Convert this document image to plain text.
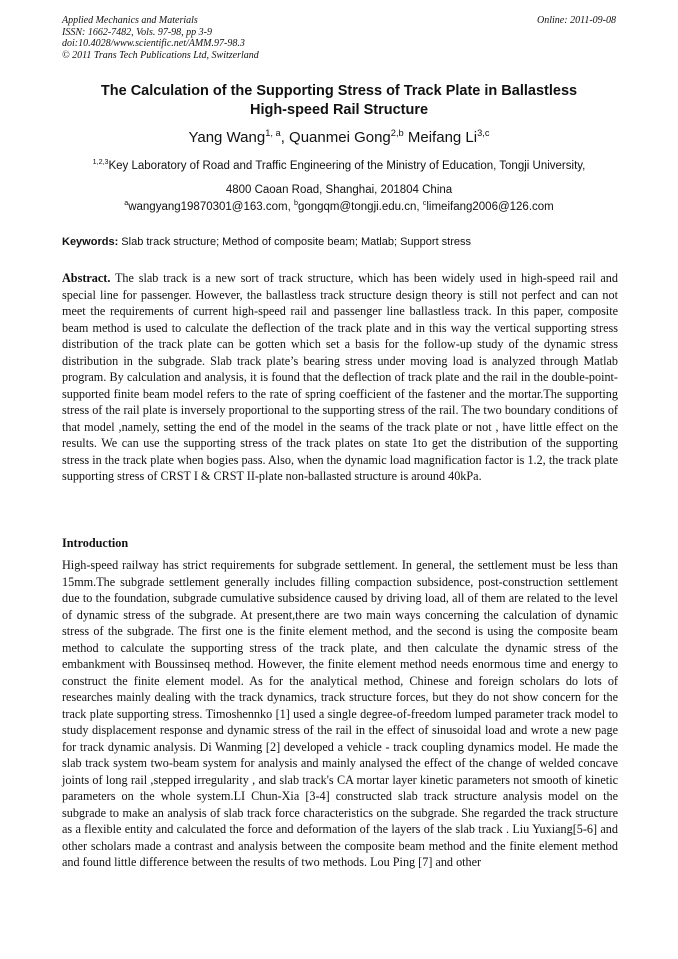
Applied Mechanics and Materials
ISSN: 1662-7482, Vols. 97-98, pp 3-9
doi:10.4028/www.scientific.net/AMM.97-98.3
© 2011 Trans Tech Publications Ltd, Switzerland
Online: 2011-09-08
The Calculation of the Supporting Stress of Track Plate in Ballastless
High-speed Rail Structure
Yang Wang$^{1, a}$, Quanmei Gong$^{2,b}$ Meifang Li$^{3,c}$
$^{1,2,3}$Key Laboratory of Road and Traffic Engineering of the Ministry of Education, Tongji University,
4800 Caoan Road, Shanghai, 201804 China
$^a$wangyang19870301@163.com, $^b$gongqm@tongji.edu.cn, $^c$limeifang2006@126.com
Keywords: Slab track structure; Method of composite beam; Matlab; Support stress
Abstract. The slab track is a new sort of track structure, which has been widely used in high-speed rail and special line for passenger. However, the ballastless track structure design theory is still not perfect and can not meet the requirements of current high-speed rail and passenger line ballastless track. In this paper, composite beam method is used to calculate the deflection of the track plate and in this way the vertical supporting stress distribution of the track plate can be gotten which set a basis for the follow-up study of the dynamic stress distribution in the subgrade. Slab track plate’s bearing stress under moving load is analyzed through Matlab program. By calculation and analysis, it is found that the deflection of track plate and the rail in the double-point-supported finite beam model refers to the rate of spring coefficient of the fastener and the mortar.The supporting stress of the rail plate is inversely proportional to the supporting stress of the rail. The two boundary conditions of that model ,namely, setting the end of the model in the seams of the track plate or not , have little effect on the results. We can use the supporting stress of the track plates on state 1to get the distribution of the supporting stress in the track plate when bogies pass. Also, when the dynamic load magnification factor is 1.2, the track plate supporting stress of CRST I & CRST II-plate non-ballasted structure is around 40kPa.
Introduction
High-speed railway has strict requirements for subgrade settlement. In general, the settlement must be less than 15mm.The subgrade settlement generally includes filling compaction subsidence, post-construction settlement due to the foundation, subgrade cumulative subsidence caused by driving load, all of them are related to the level of dynamic stress of the subgrade. At present,there are two main ways concerning the calculation of dynamic stress of the subgrade. The first one is the finite element method, and the second is using the composite beam method to calculate the supporting stress of the track plate, and then calculate the dynamic stress of the embankment with Boussinseq method. However, the finite element method needs enormous time and energy to construct the finite element model. As for the analytical method, Chinese and foreign scholars do lots of researches mainly dealing with the track dynamics, track structure forces, but they do not show concern for the track plate supporting stress. Timoshennko [1] used a single degree-of-freedom lumped parameter track model to study displacement response and dynamic stress of the rail in the effect of sinusoidal load and wrote a new page for track dynamic analysis. Di Wanming [2] developed a vehicle - track coupling dynamics model. He made the slab track system two-beam system for analysis and mainly analysed the effect of the change of welded concave joints of long rail ,stepped irregularity , and slab track's CA mortar layer kinetic parameters not smooth of kinetic parameters on the whole system.LI Chun-Xia [3-4] constructed slab track structure analysis model on the subgrade to make an analysis of slab track force characteristics on the subgrade. She regarded the track structure as a flexible entity and calculated the force and deformation of the layers of the slab track . Liu Yuxiang[5-6] and other scholars made a contrast and analysis between the composite beam method and the finite element method and found little difference between the results of two methods. Lou Ping [7] and other
